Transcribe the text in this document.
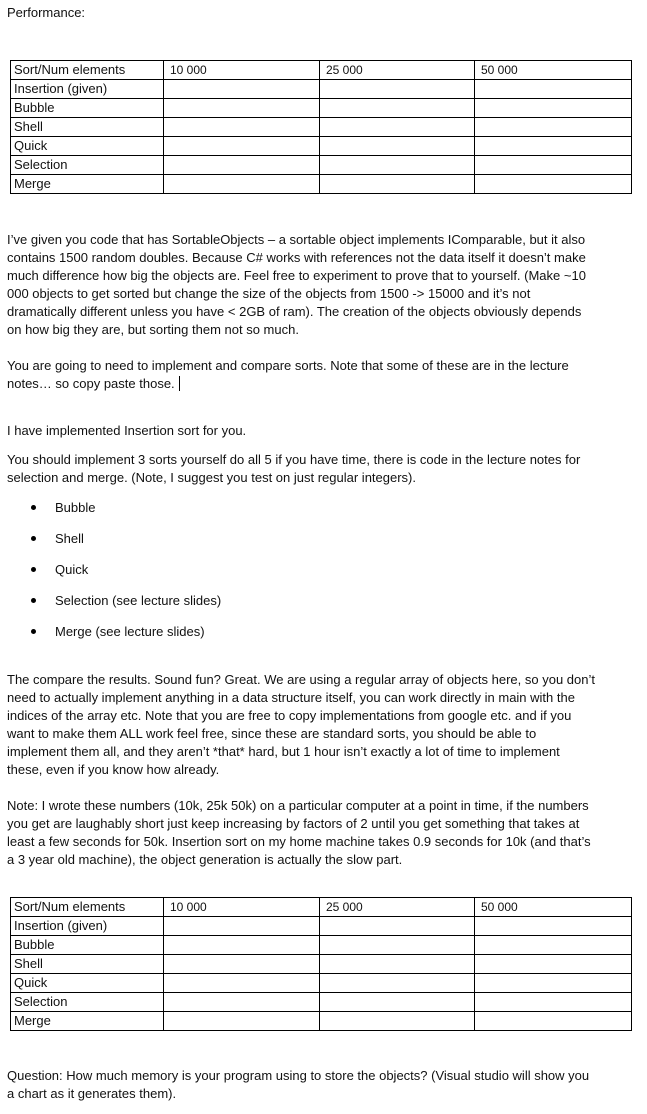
Performance:
Sort/Num elements	10 000	25 000	50 000
Insertion (given)			
Bubble			
Shell			
Quick			
Selection			
Merge			
I’ve given you code that has SortableObjects – a sortable object implements IComparable, but it also contains 1500 random doubles. Because C# works with references not the data itself it doesn’t make much difference how big the objects are. Feel free to experiment to prove that to yourself. (Make ~10 000 objects to get sorted but change the size of the objects from 1500 -> 15000 and it’s not dramatically different unless you have < 2GB of ram). The creation of the objects obviously depends on how big they are, but sorting them not so much.
You are going to need to implement and compare sorts. Note that some of these are in the lecture notes… so copy paste those.
I have implemented Insertion sort for you.
You should implement 3 sorts yourself do all 5 if you have time, there is code in the lecture notes for selection and merge. (Note, I suggest you test on just regular integers).
Bubble
Shell
Quick
Selection (see lecture slides)
Merge (see lecture slides)
The compare the results. Sound fun? Great. We are using a regular array of objects here, so you don’t need to actually implement anything in a data structure itself, you can work directly in main with the indices of the array etc. Note that you are free to copy implementations from google etc. and if you want to make them ALL work feel free, since these are standard sorts, you should be able to implement them all, and they aren’t *that* hard, but 1 hour isn’t exactly a lot of time to implement these, even if you know how already.
Note: I wrote these numbers (10k, 25k 50k) on a particular computer at a point in time, if the numbers you get are laughably short just keep increasing by factors of 2 until you get something that takes at least a few seconds for 50k. Insertion sort on my home machine takes 0.9 seconds for 10k (and that’s a 3 year old machine), the object generation is actually the slow part.
Sort/Num elements	10 000	25 000	50 000
Insertion (given)			
Bubble			
Shell			
Quick			
Selection			
Merge			
Question: How much memory is your program using to store the objects? (Visual studio will show you a chart as it generates them).
